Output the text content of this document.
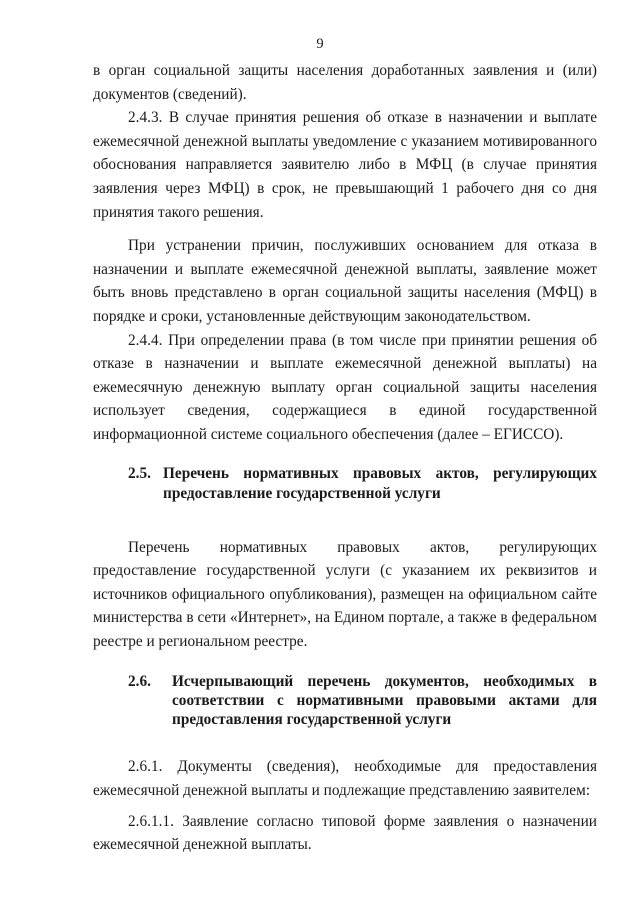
9

в орган социальной защиты населения доработанных заявления и (или) документов (сведений).

2.4.3. В случае принятия решения об отказе в назначении и выплате ежемесячной денежной выплаты уведомление с указанием мотивированного обоснования направляется заявителю либо в МФЦ (в случае принятия заявления через МФЦ) в срок, не превышающий 1 рабочего дня со дня принятия такого решения.

При устранении причин, послуживших основанием для отказа в назначении и выплате ежемесячной денежной выплаты, заявление может быть вновь представлено в орган социальной защиты населения (МФЦ) в порядке и сроки, установленные действующим законодательством.

2.4.4. При определении права (в том числе при принятии решения об отказе в назначении и выплате ежемесячной денежной выплаты) на ежемесячную денежную выплату орган социальной защиты населения использует сведения, содержащиеся в единой государственной информационной системе социального обеспечения (далее – ЕГИССО).

2.5. Перечень нормативных правовых актов, регулирующих предоставление государственной услуги

Перечень нормативных правовых актов, регулирующих предоставление государственной услуги (с указанием их реквизитов и источников официального опубликования), размещен на официальном сайте министерства в сети «Интернет», на Едином портале, а также в федеральном реестре и региональном реестре.

2.6.	Исчерпывающий перечень документов, необходимых в соответствии с нормативными правовыми актами для предоставления государственной услуги

2.6.1. Документы (сведения), необходимые для предоставления ежемесячной денежной выплаты и подлежащие представлению заявителем:

2.6.1.1. Заявление согласно типовой форме заявления о назначении ежемесячной денежной выплаты.
